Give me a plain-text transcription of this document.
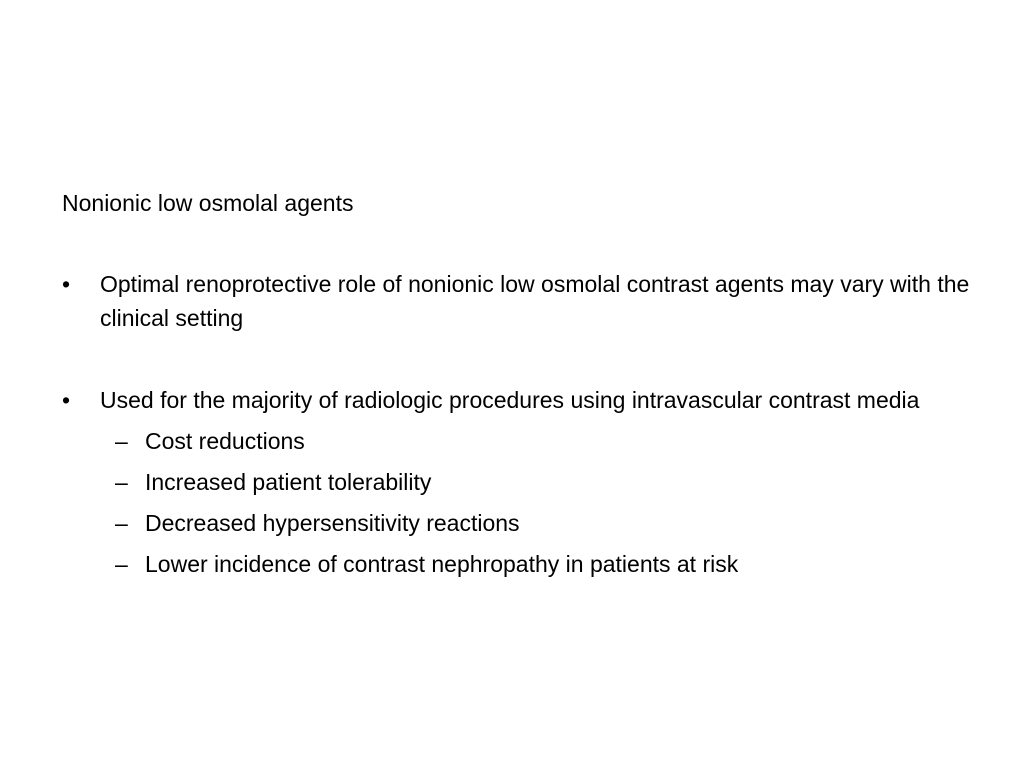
Nonionic low osmolal agents

•	Optimal renoprotective role of nonionic low osmolal contrast agents may vary with the clinical setting
•	Used for the majority of radiologic procedures using intravascular contrast media
– Cost reductions
– Increased patient tolerability
– Decreased hypersensitivity reactions
– Lower incidence of contrast nephropathy in patients at risk
